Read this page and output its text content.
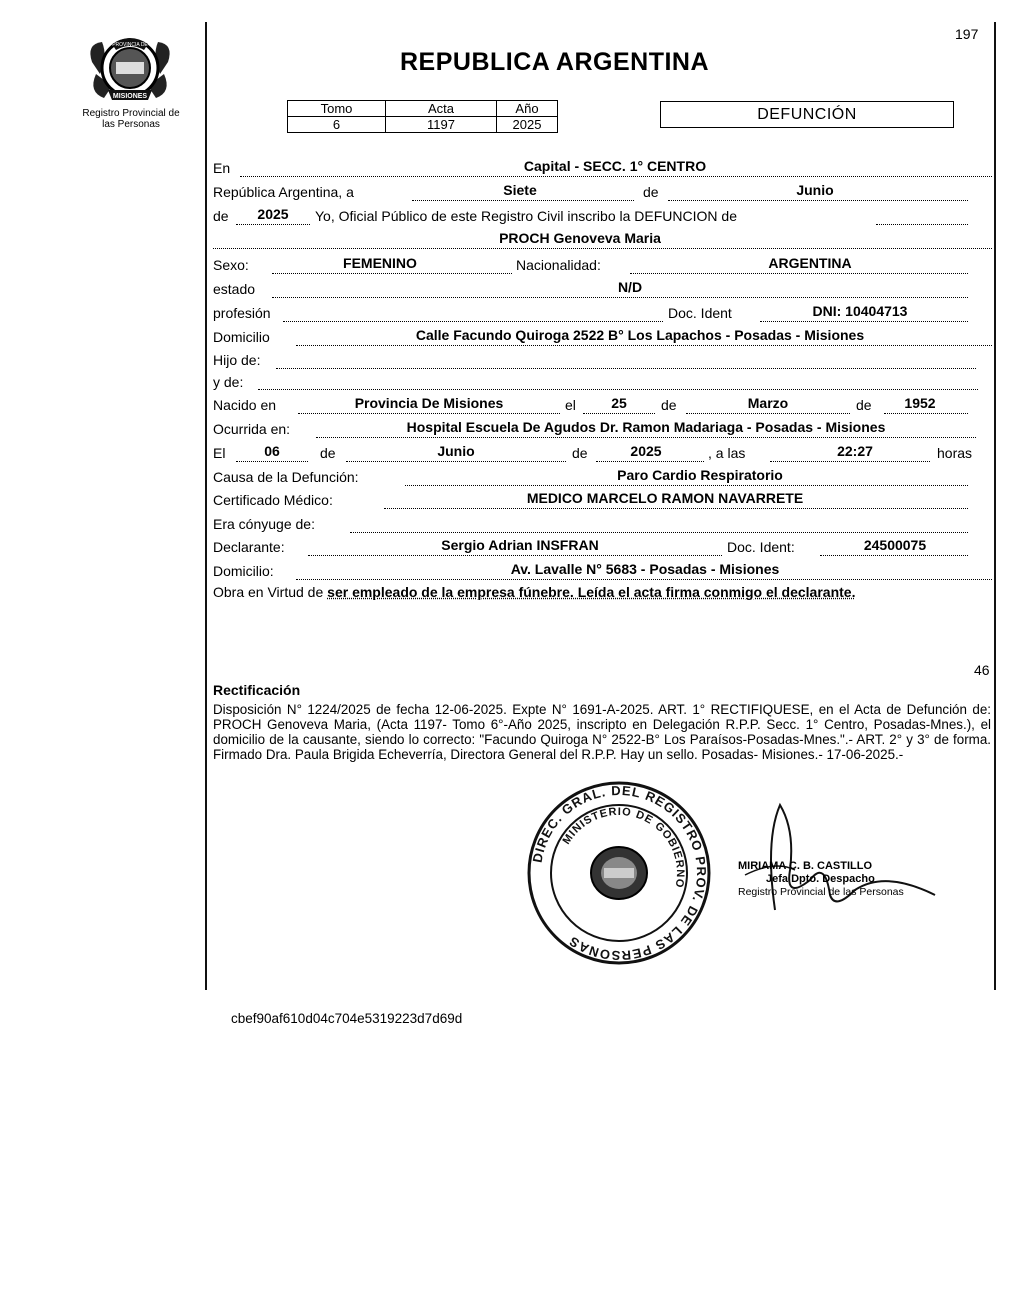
197
REPUBLICA ARGENTINA
PROVINCIA DE
MISIONES
Registro Provincial de
las Personas
Tomo	Acta	Año
6	1197	2025
DEFUNCIÓN
En	Capital - SECC. 1° CENTRO
República Argentina, a	Siete	de	Junio
de	2025	Yo, Oficial Público de este Registro Civil inscribo la DEFUNCION de
PROCH Genoveva Maria
Sexo:	FEMENINO	Nacionalidad:	ARGENTINA
estado	N/D
profesión	Doc. Ident	DNI: 10404713
Domicilio	Calle Facundo Quiroga 2522 B° Los Lapachos - Posadas - Misiones
Hijo de:
y de:
Nacido en	Provincia De Misiones	el	25	de	Marzo	de	1952
Ocurrida en:	Hospital Escuela De Agudos Dr. Ramon Madariaga - Posadas - Misiones
El	06	de	Junio	de	2025	, a las	22:27	horas
Causa de la Defunción:	Paro Cardio Respiratorio
Certificado Médico:	MEDICO MARCELO RAMON NAVARRETE
Era cónyuge de:
Declarante:	Sergio Adrian INSFRAN	Doc. Ident:	24500075
Domicilio:	Av. Lavalle N° 5683 - Posadas - Misiones
Obra en Virtud de ser empleado de la empresa fúnebre. Leída el acta firma conmigo el declarante.
46
Rectificación
Disposición N° 1224/2025 de fecha 12-06-2025. Expte N° 1691-A-2025. ART. 1° RECTIFIQUESE, en el Acta de Defunción de: PROCH Genoveva Maria, (Acta 1197- Tomo 6°-Año 2025, inscripto en Delegación R.P.P. Secc. 1° Centro, Posadas-Mnes.), el domicilio de la causante, siendo lo correcto: "Facundo Quiroga N° 2522-B° Los Paraísos-Posadas-Mnes.".- ART. 2° y 3° de forma. Firmado Dra. Paula Brigida Echeverría, Directora General del R.P.P. Hay un sello. Posadas- Misiones.- 17-06-2025.-
DIREC. GRAL. DEL REGISTRO PROV. DE LAS PERSONAS
MINISTERIO DE GOBIERNO
MIRIAMA C. B. CASTILLO
Jefa Dpto. Despacho
Registro Provincial de las Personas
cbef90af610d04c704e5319223d7d69d
